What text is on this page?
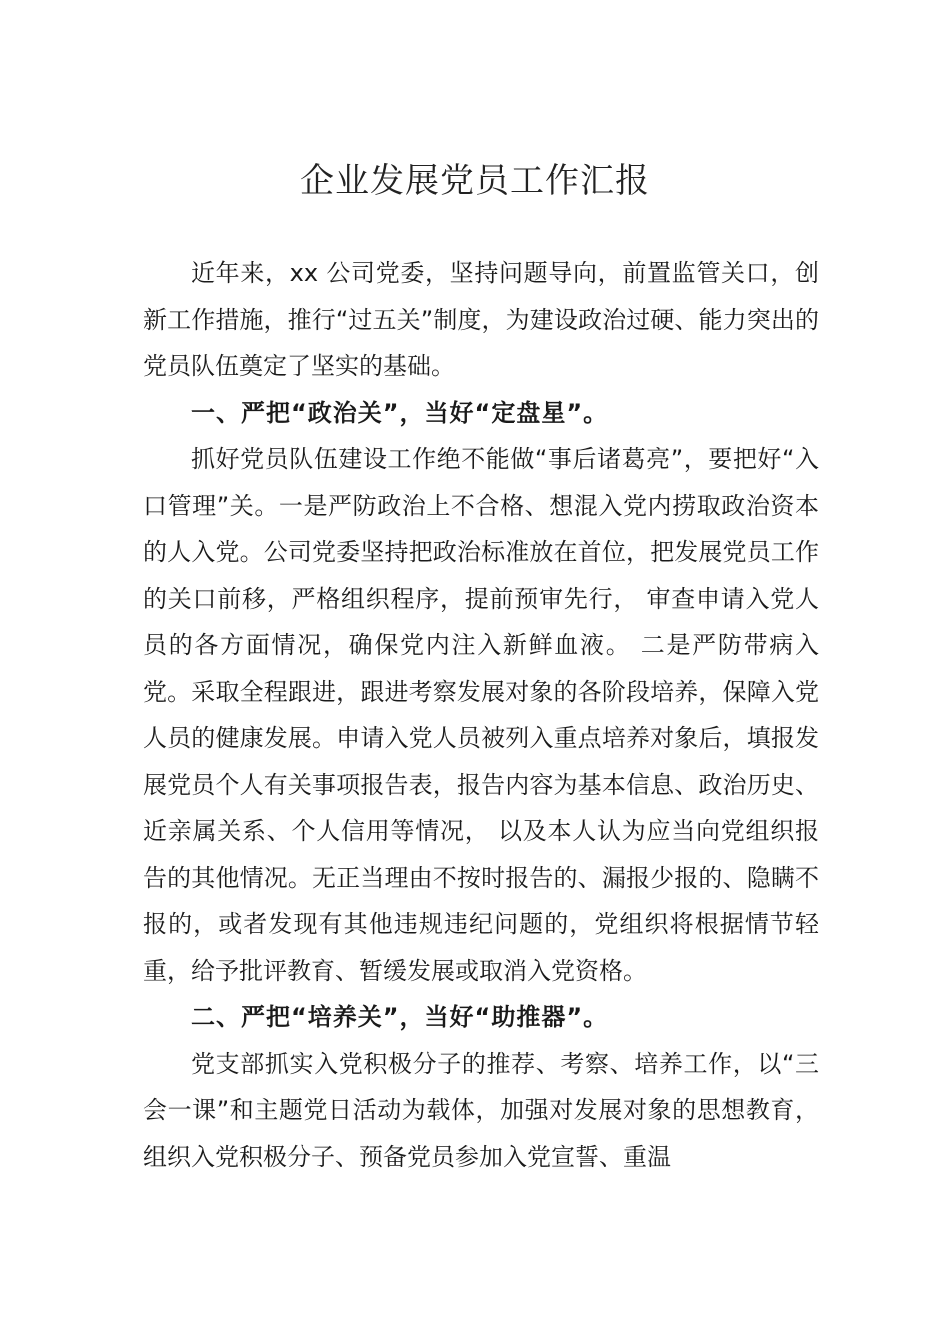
企业发展党员工作汇报

近年来，xx 公司党委，坚持问题导向，前置监管关口，创新工作措施，推行“过五关”制度，为建设政治过硬、能力突出的党员队伍奠定了坚实的基础。

一、严把“政治关”，当好“定盘星”。

抓好党员队伍建设工作绝不能做“事后诸葛亮”，要把好“入口管理”关。一是严防政治上不合格、想混入党内捞取政治资本的人入党。公司党委坚持把政治标准放在首位，把发展党员工作的关口前移，严格组织程序，提前预审先行， 审查申请入党人员的各方面情况，确保党内注入新鲜血液。 二是严防带病入党。采取全程跟进，跟进考察发展对象的各阶段培养，保障入党人员的健康发展。申请入党人员被列入重点培养对象后，填报发展党员个人有关事项报告表，报告内容为基本信息、政治历史、近亲属关系、个人信用等情况， 以及本人认为应当向党组织报告的其他情况。无正当理由不按时报告的、漏报少报的、隐瞒不报的，或者发现有其他违规违纪问题的，党组织将根据情节轻重，给予批评教育、暂缓发展或取消入党资格。

二、严把“培养关”，当好“助推器”。

党支部抓实入党积极分子的推荐、考察、培养工作，以“三会一课”和主题党日活动为载体，加强对发展对象的思想教育，组织入党积极分子、预备党员参加入党宣誓、重温
